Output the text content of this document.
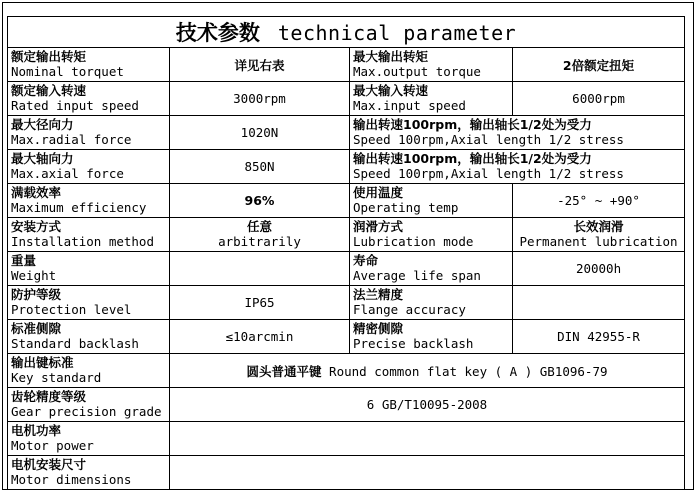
技术参数 technical parameter			

额定输出转矩
Nominal torquet	详见右表	最大输出转矩
Max.output torque	2倍额定扭矩

额定输入转速
Rated input speed	3000rpm	最大输入转速
Max.input speed	6000rpm

最大径向力
Max.radial force	1020N	输出转速100rpm，输出轴长1/2处为受力
Speed 100rpm,Axial length 1/2 stress	

最大轴向力
Max.axial force	850N	输出转速100rpm，输出轴长1/2处为受力
Speed 100rpm,Axial length 1/2 stress	

满载效率
Maximum efficiency	96%	使用温度
Operating temp	-25° ~ +90°

安装方式
Installation method	任意
arbitrarily	润滑方式
Lubrication mode	长效润滑
Permanent lubrication

重量
Weight		寿命
Average life span	20000h

防护等级
Protection level	IP65	法兰精度
Flange accuracy	

标准侧隙
Standard backlash	≤10arcmin	精密侧隙
Precise backlash	DIN 42955-R

输出键标准
Key standard	圆头普通平键 Round common flat key ( A ) GB1096-79		

齿轮精度等级
Gear precision grade	6 GB/T10095-2008		

电机功率
Motor power			

电机安装尺寸
Motor dimensions			
